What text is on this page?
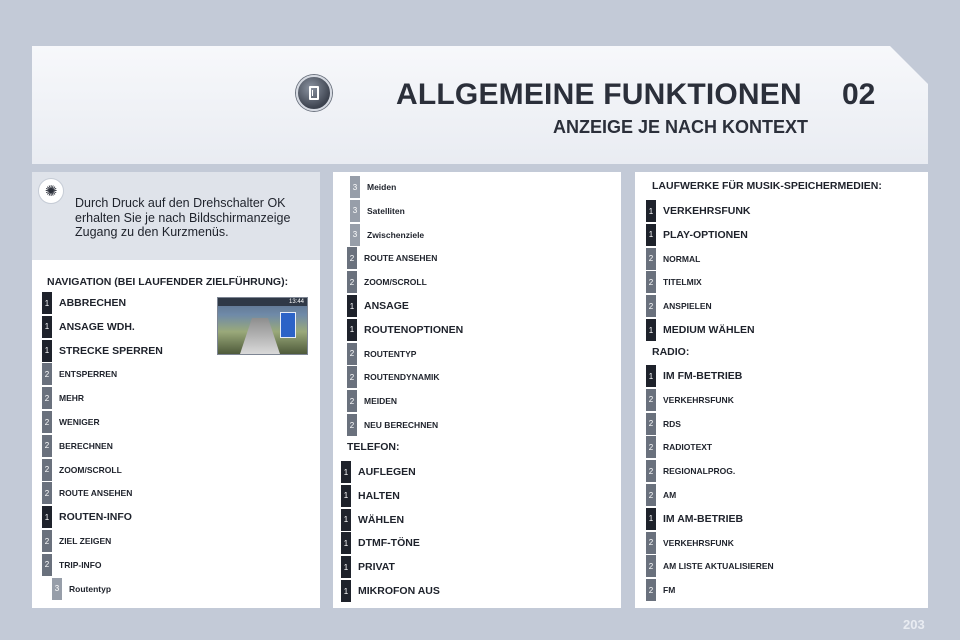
ALLGEMEINE FUNKTIONEN 02
ANZEIGE JE NACH KONTEXT
✺
Durch Druck auf den Drehschalter OK erhalten Sie je nach Bildschirmanzeige Zugang zu den Kurzmenüs.
NAVIGATION (BEI LAUFENDER ZIELFÜHRUNG):
13:44
1 ABBRECHEN
1 ANSAGE WDH.
1 STRECKE SPERREN
2	ENTSPERREN
2	MEHR
2	WENIGER
2	BERECHNEN
2	ZOOM/SCROLL
2	ROUTE ANSEHEN
1 ROUTEN-INFO
2	ZIEL ZEIGEN
2	TRIP-INFO
3	Routentyp
3	Meiden
3	Satelliten
3	Zwischenziele
2	ROUTE ANSEHEN
2	ZOOM/SCROLL
1 ANSAGE
1 ROUTENOPTIONEN
2	ROUTENTYP
2	ROUTENDYNAMIK
2	MEIDEN
2	NEU BERECHNEN
TELEFON:
1 AUFLEGEN
1 HALTEN
1 WÄHLEN
1 DTMF-TÖNE
1 PRIVAT
1 MIKROFON AUS
LAUFWERKE FÜR MUSIK-SPEICHERMEDIEN:
1 VERKEHRSFUNK
1 PLAY-OPTIONEN
2	NORMAL
2	TITELMIX
2	ANSPIELEN
1 MEDIUM WÄHLEN
RADIO:
1 IM FM-BETRIEB
2	VERKEHRSFUNK
2	RDS
2	RADIOTEXT
2	REGIONALPROG.
2	AM
1 IM AM-BETRIEB
2	VERKEHRSFUNK
2	AM LISTE AKTUALISIEREN
2	FM
203
